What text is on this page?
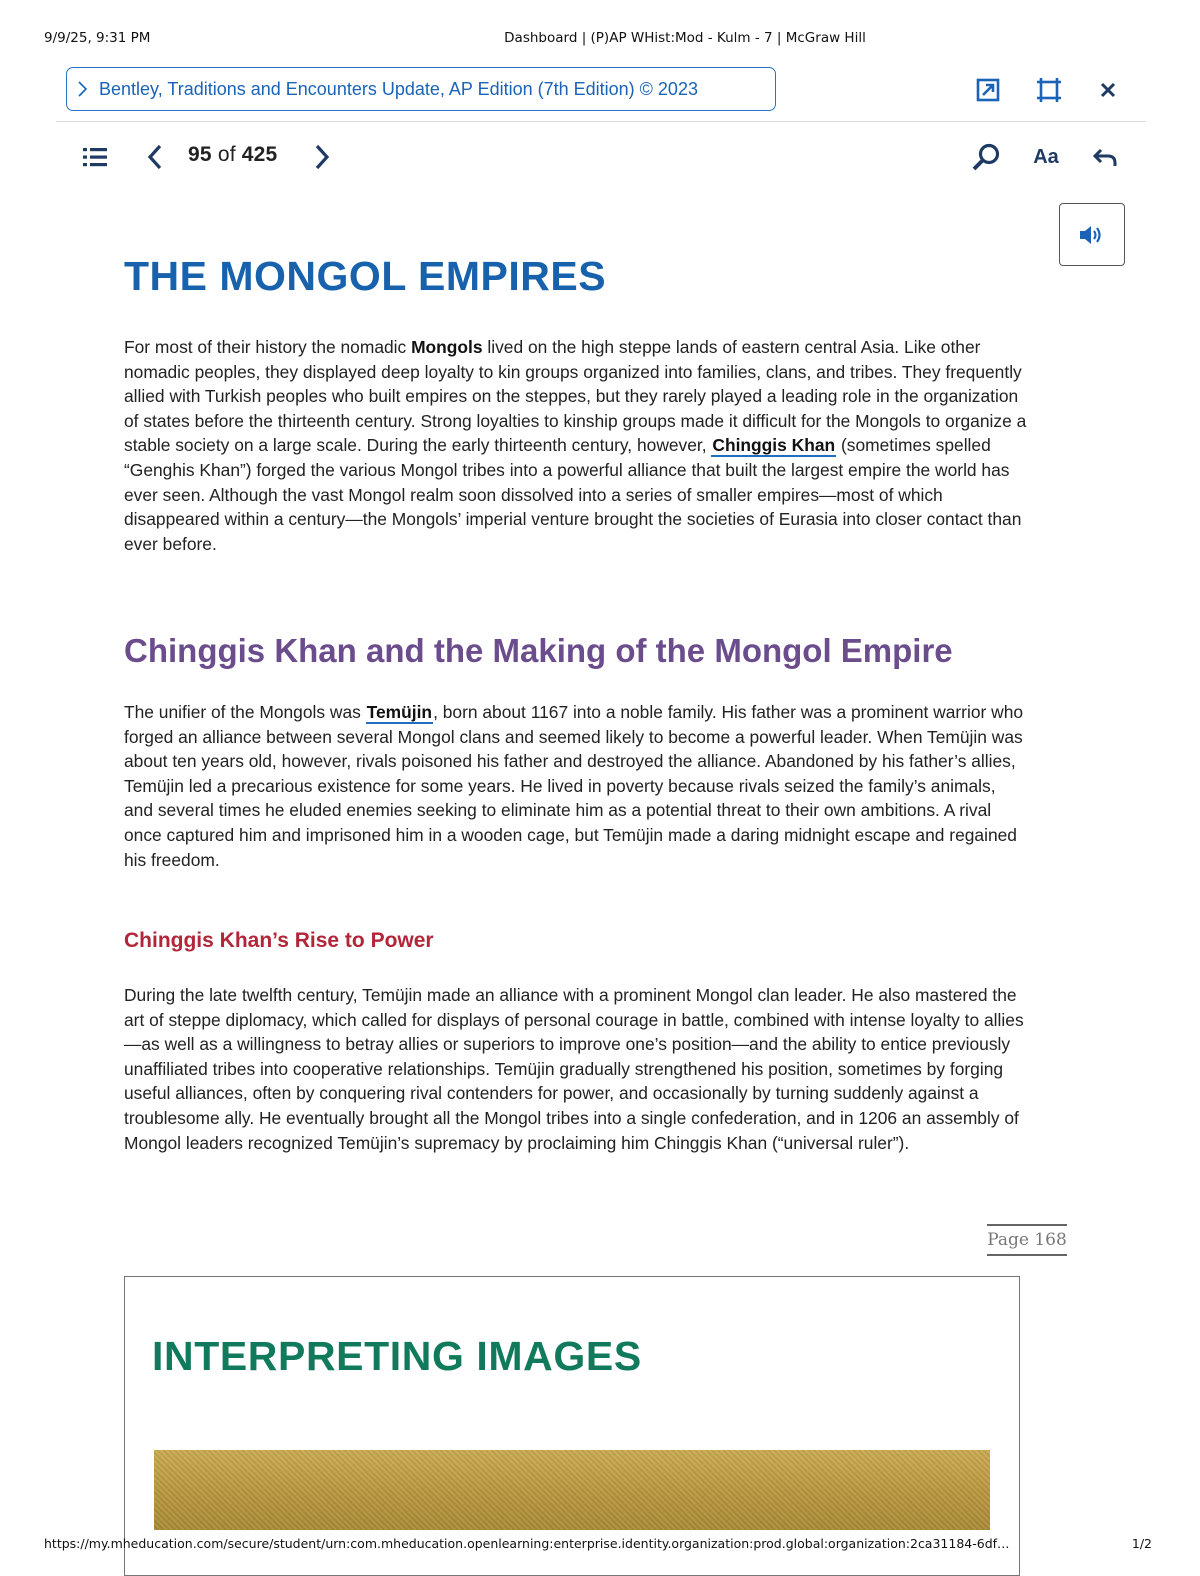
9/9/25, 9:31 PM	Dashboard | (P)AP WHist:Mod - Kulm - 7 | McGraw Hill
Bentley, Traditions and Encounters Update, AP Edition (7th Edition) © 2023
95 of 425	Aa
THE MONGOL EMPIRES
For most of their history the nomadic Mongols lived on the high steppe lands of eastern central Asia. Like other nomadic peoples, they displayed deep loyalty to kin groups organized into families, clans, and tribes. They frequently allied with Turkish peoples who built empires on the steppes, but they rarely played a leading role in the organization of states before the thirteenth century. Strong loyalties to kinship groups made it difficult for the Mongols to organize a stable society on a large scale. During the early thirteenth century, however, Chinggis Khan (sometimes spelled “Genghis Khan”) forged the various Mongol tribes into a powerful alliance that built the largest empire the world has ever seen. Although the vast Mongol realm soon dissolved into a series of smaller empires—most of which disappeared within a century—the Mongols’ imperial venture brought the societies of Eurasia into closer contact than ever before.
Chinggis Khan and the Making of the Mongol Empire
The unifier of the Mongols was Temüjin, born about 1167 into a noble family. His father was a prominent warrior who forged an alliance between several Mongol clans and seemed likely to become a powerful leader. When Temüjin was about ten years old, however, rivals poisoned his father and destroyed the alliance. Abandoned by his father’s allies, Temüjin led a precarious existence for some years. He lived in poverty because rivals seized the family’s animals, and several times he eluded enemies seeking to eliminate him as a potential threat to their own ambitions. A rival once captured him and imprisoned him in a wooden cage, but Temüjin made a daring midnight escape and regained his freedom.
Chinggis Khan’s Rise to Power
During the late twelfth century, Temüjin made an alliance with a prominent Mongol clan leader. He also mastered the art of steppe diplomacy, which called for displays of personal courage in battle, combined with intense loyalty to allies—as well as a willingness to betray allies or superiors to improve one’s position—and the ability to entice previously unaffiliated tribes into cooperative relationships. Temüjin gradually strengthened his position, sometimes by forging useful alliances, often by conquering rival contenders for power, and occasionally by turning suddenly against a troublesome ally. He eventually brought all the Mongol tribes into a single confederation, and in 1206 an assembly of Mongol leaders recognized Temüjin’s supremacy by proclaiming him Chinggis Khan (“universal ruler”).
Page 168
INTERPRETING IMAGES
https://my.mheducation.com/secure/student/urn:com.mheducation.openlearning:enterprise.identity.organization:prod.global:organization:2ca31184-6df…	1/2
